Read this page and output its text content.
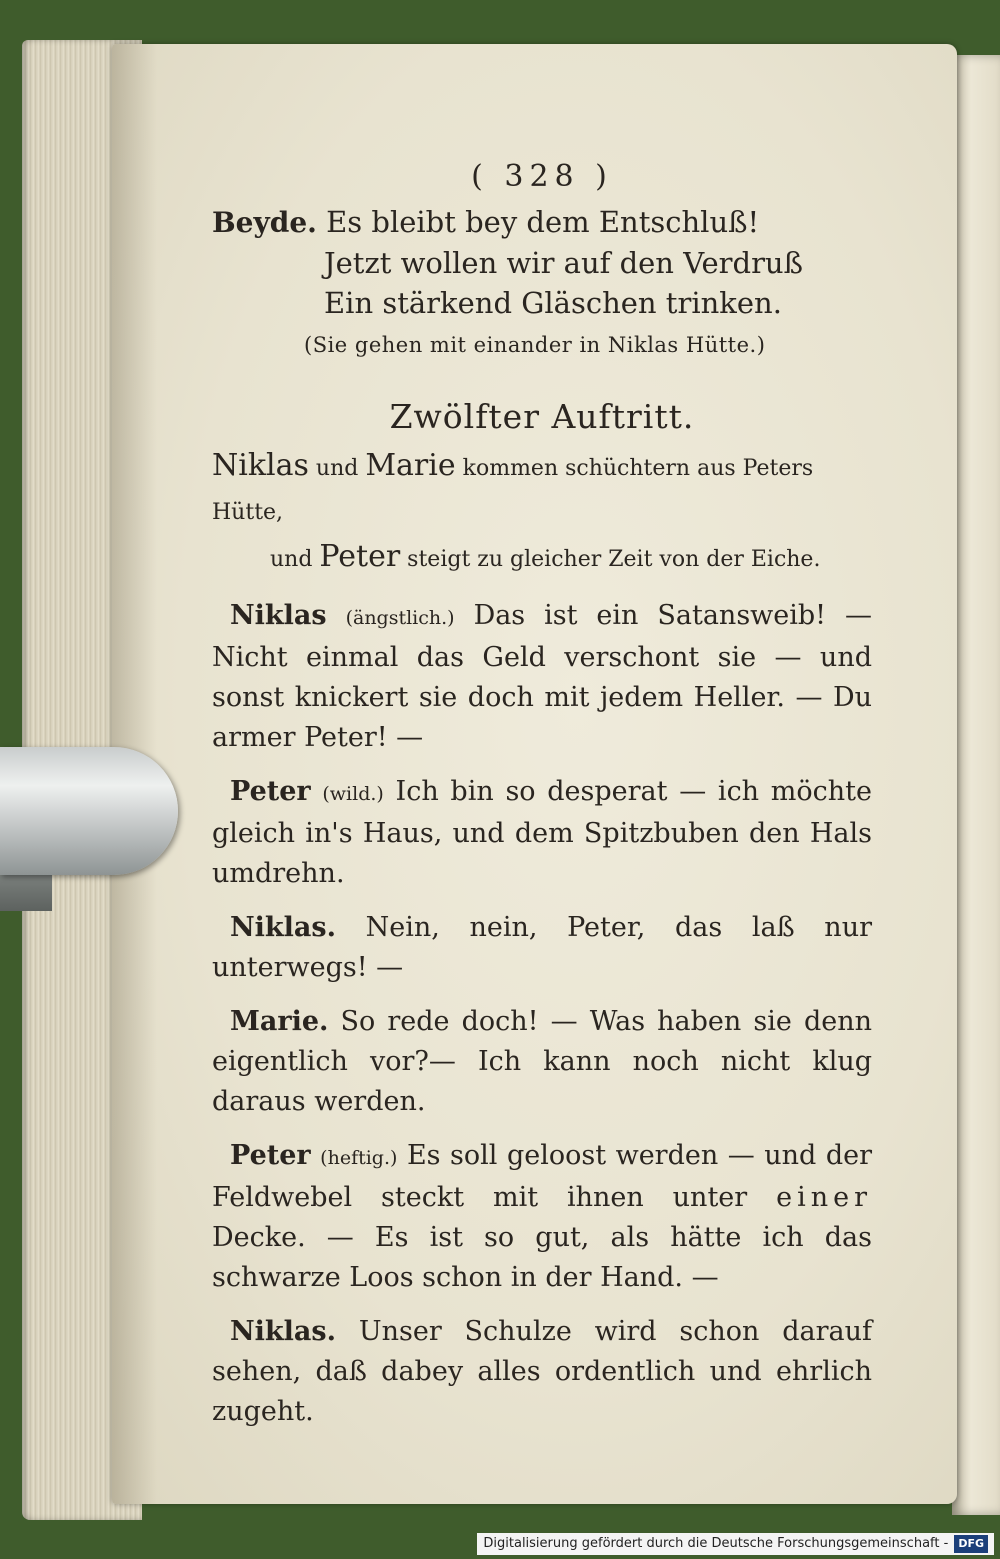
( 328 )

Beyde. Es bleibt bey dem Entschluß!

Jetzt wollen wir auf den Verdruß

Ein stärkend Gläschen trinken.

(Sie gehen mit einander in Niklas Hütte.)

Zwölfter Auftritt.

Niklas und Marie kommen schüchtern aus Peters Hütte,

und Peter steigt zu gleicher Zeit von der Eiche.

Niklas (ängstlich.) Das ist ein Satansweib! — Nicht einmal das Geld verschont sie — und sonst knickert sie doch mit jedem Heller. — Du armer Peter! —

Peter (wild.) Ich bin so desperat — ich möchte gleich in's Haus, und dem Spitzbuben den Hals umdrehn.

Niklas. Nein, nein, Peter, das laß nur unterwegs! —

Marie. So rede doch! — Was haben sie denn eigentlich vor?— Ich kann noch nicht klug daraus werden.

Peter (heftig.) Es soll geloost werden — und der Feldwebel steckt mit ihnen unter einer Decke. — Es ist so gut, als hätte ich das schwarze Loos schon in der Hand. —

Niklas. Unser Schulze wird schon darauf sehen, daß dabey alles ordentlich und ehrlich zugeht.

Digitalisierung gefördert durch die Deutsche Forschungsgemeinschaft - DFG
